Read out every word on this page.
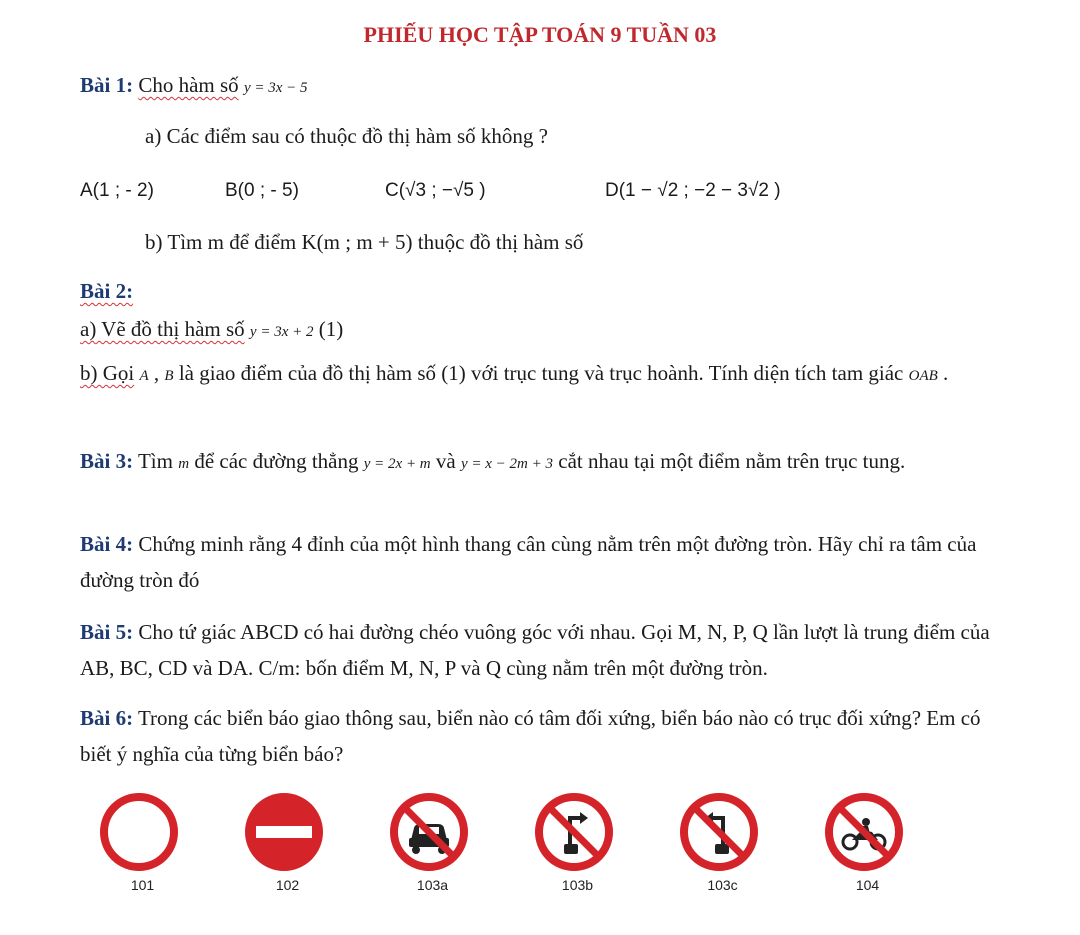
PHIẾU HỌC TẬP TOÁN 9 TUẦN 03
Bài 1: Cho hàm số y = 3x − 5
a) Các điểm sau có thuộc đồ thị hàm số không ?
A(1 ; - 2)	B(0 ; - 5)	C(√3 ; −√5 )	D(1 − √2 ; −2 − 3√2 )
b) Tìm m để điểm K(m ; m + 5) thuộc đồ thị hàm số
Bài 2:
a) Vẽ đồ thị hàm số y = 3x + 2 (1)
b) Gọi A , B là giao điểm của đồ thị hàm số (1) với trục tung và trục hoành. Tính diện tích tam giác OAB .
Bài 3: Tìm m để các đường thẳng y = 2x + m và y = x − 2m + 3 cắt nhau tại một điểm nằm trên trục tung.
Bài 4: Chứng minh rằng 4 đỉnh của một hình thang cân cùng nằm trên một đường tròn. Hãy chỉ ra tâm của đường tròn đó
Bài 5: Cho tứ giác ABCD có hai đường chéo vuông góc với nhau. Gọi M, N, P, Q lần lượt là trung điểm của AB, BC, CD và DA. C/m: bốn điểm M, N, P và Q cùng nằm trên một đường tròn.
Bài 6: Trong các biển báo giao thông sau, biển nào có tâm đối xứng, biển báo nào có trục đối xứng? Em có biết ý nghĩa của từng biển báo?
101	102	103a	103b	103c	104
